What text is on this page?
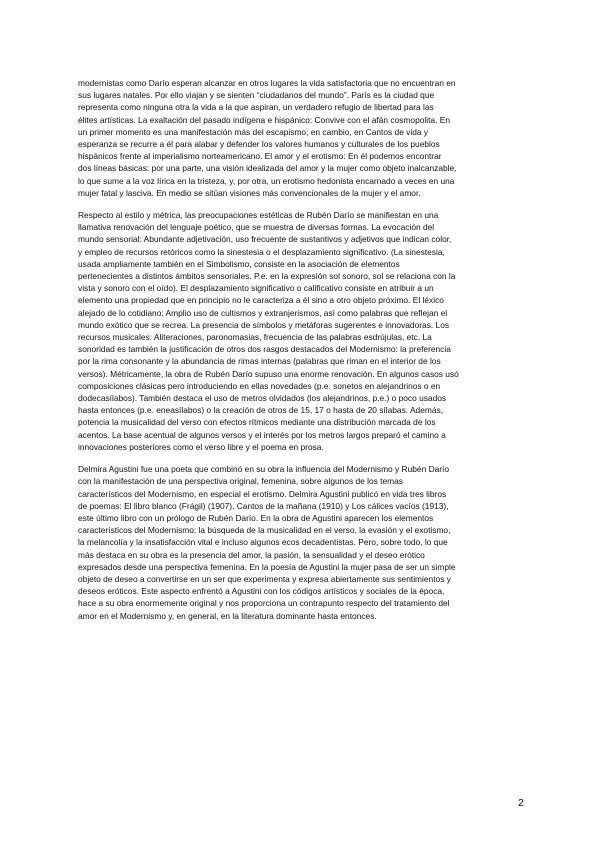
modernistas como Darío esperan alcanzar en otros lugares la vida satisfactoria que no encuentran en
sus lugares natales. Por ello viajan y se sienten “ciudadanos del mundo”. París es la ciudad que
representa como ninguna otra la vida a la que aspiran, un verdadero refugio de libertad para las
élites artísticas. La exaltación del pasado indígena e hispánico: Convive con el afán cosmopolita. En
un primer momento es una manifestación más del escapismo; en cambio, en Cantos de vida y
esperanza se recurre a él para alabar y defender los valores humanos y culturales de los pueblos
hispánicos frente al imperialismo norteamericano. El amor y el erotismo: En él podemos encontrar
dos líneas básicas: por una parte, una visión idealizada del amor y la mujer como objeto inalcanzable,
lo que sume a la voz lírica en la tristeza, y, por otra, un erotismo hedonista encarnado a veces en una
mujer fatal y lasciva. En medio se sitúan visiones más convencionales de la mujer y el amor.
Respecto al estilo y métrica, las preocupaciones estéticas de Rubén Darío se manifiestan en una
llamativa renovación del lenguaje poético, que se muestra de diversas formas. La evocación del
mundo sensorial: Abundante adjetivación, uso frecuente de sustantivos y adjetivos que indican color,
y empleo de recursos retóricos como la sinestesia o el desplazamiento significativo. (La sinestesia,
usada ampliamente también en el Simbolismo, consiste en la asociación de elementos
pertenecientes a distintos ámbitos sensoriales. P.e. en la expresión sol sonoro, sol se relaciona con la
vista y sonoro con el oído). El desplazamiento significativo o calificativo consiste en atribuir a un
elemento una propiedad que en principio no le caracteriza a él sino a otro objeto próximo. El léxico
alejado de lo cotidiano: Amplio uso de cultismos y extranjerismos, así como palabras que reflejan el
mundo exótico que se recrea. La presencia de símbolos y metáforas sugerentes e innovadoras. Los
recursos musicales: Aliteraciones, paronomasias, frecuencia de las palabras esdrújulas, etc. La
sonoridad es también la justificación de otros dos rasgos destacados del Modernismo: la preferencia
por la rima consonante y la abundancia de rimas internas (palabras que riman en el interior de los
versos). Métricamente, la obra de Rubén Darío supuso una enorme renovación. En algunos casos usó
composiciones clásicas pero introduciendo en ellas novedades (p.e. sonetos en alejandrinos o en
dodecasílabos). También destaca el uso de metros olvidados (los alejandrinos, p.e.) o poco usados
hasta entonces (p.e. eneasílabos) o la creación de otros de 15, 17 o hasta de 20 sílabas. Además,
potencia la musicalidad del verso con efectos rítmicos mediante una distribución marcada de los
acentos. La base acentual de algunos versos y el interés por los metros largos preparó el camino a
innovaciones posteriores como el verso libre y el poema en prosa.
Delmira Agustini fue una poeta que combinó en su obra la influencia del Modernismo y Rubén Darío
con la manifestación de una perspectiva original, femenina, sobre algunos de los temas
característicos del Modernismo, en especial el erotismo. Delmira Agustini publicó en vida tres libros
de poemas: El libro blanco (Frágil) (1907), Cantos de la mañana (1910) y Los cálices vacíos (1913),
este último libro con un prólogo de Rubén Darío. En la obra de Agustini aparecen los elementos
característicos del Modernismo: la búsqueda de la musicalidad en el verso, la evasión y el exotismo,
la melancolía y la insatisfacción vital e incluso algunos ecos decadentistas. Pero, sobre todo, lo que
más destaca en su obra es la presencia del amor, la pasión, la sensualidad y el deseo erótico
expresados desde una perspectiva femenina. En la poesía de Agustini la mujer pasa de ser un simple
objeto de deseo a convertirse en un ser que experimenta y expresa abiertamente sus sentimientos y
deseos eróticos. Este aspecto enfrentó a Agustini con los códigos artísticos y sociales de la época,
hace a su obra enormemente original y nos proporciona un contrapunto respecto del tratamiento del
amor en el Modernismo y, en general, en la literatura dominante hasta entonces.
2
